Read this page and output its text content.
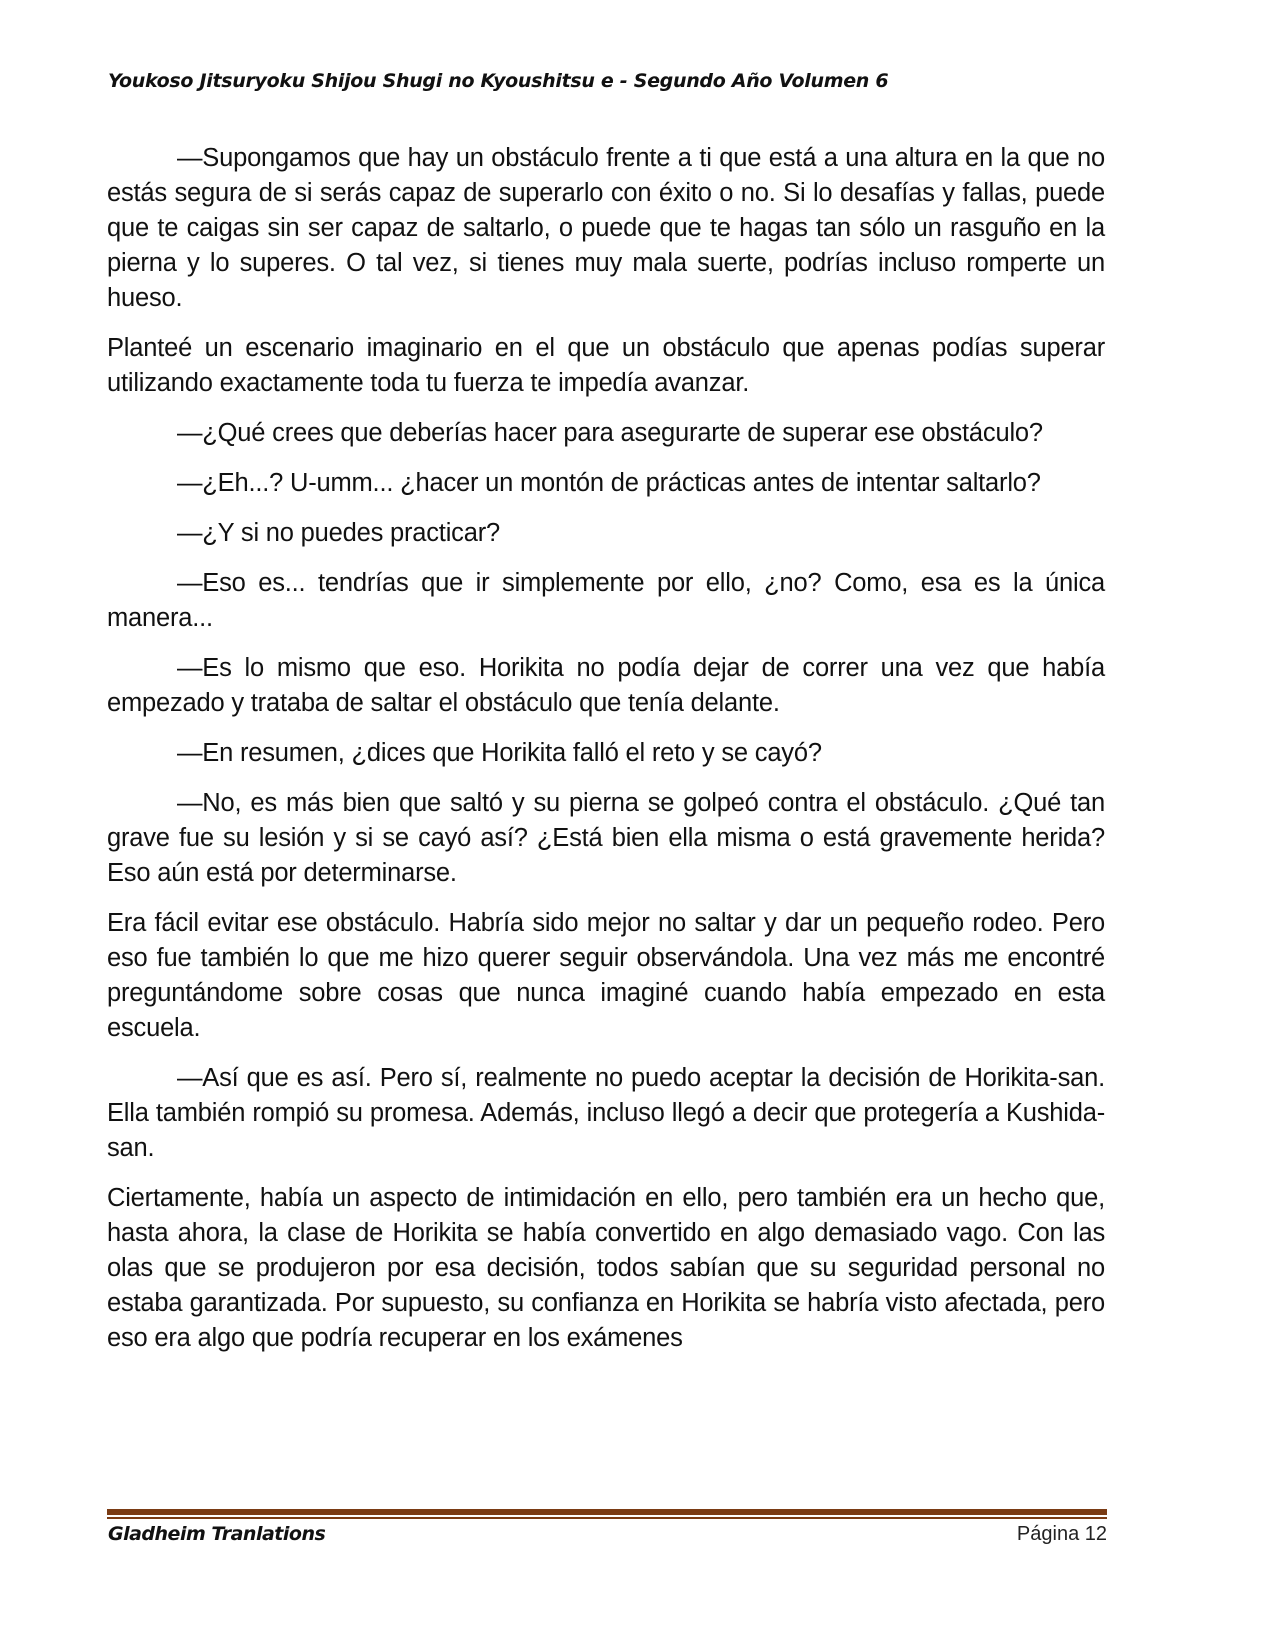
Youkoso Jitsuryoku Shijou Shugi no Kyoushitsu e - Segundo Año Volumen 6

—Supongamos que hay un obstáculo frente a ti que está a una altura en la que no estás segura de si serás capaz de superarlo con éxito o no. Si lo desafías y fallas, puede que te caigas sin ser capaz de saltarlo, o puede que te hagas tan sólo un rasguño en la pierna y lo superes. O tal vez, si tienes muy mala suerte, podrías incluso romperte un hueso.

Planteé un escenario imaginario en el que un obstáculo que apenas podías superar utilizando exactamente toda tu fuerza te impedía avanzar.

—¿Qué crees que deberías hacer para asegurarte de superar ese obstáculo?

—¿Eh...? U-umm... ¿hacer un montón de prácticas antes de intentar saltarlo?

—¿Y si no puedes practicar?

—Eso es... tendrías que ir simplemente por ello, ¿no? Como, esa es la única manera...

—Es lo mismo que eso. Horikita no podía dejar de correr una vez que había empezado y trataba de saltar el obstáculo que tenía delante.

—En resumen, ¿dices que Horikita falló el reto y se cayó?

—No, es más bien que saltó y su pierna se golpeó contra el obstáculo. ¿Qué tan grave fue su lesión y si se cayó así? ¿Está bien ella misma o está gravemente herida? Eso aún está por determinarse.

Era fácil evitar ese obstáculo. Habría sido mejor no saltar y dar un pequeño rodeo. Pero eso fue también lo que me hizo querer seguir observándola. Una vez más me encontré preguntándome sobre cosas que nunca imaginé cuando había empezado en esta escuela.

—Así que es así. Pero sí, realmente no puedo aceptar la decisión de Horikita-san. Ella también rompió su promesa. Además, incluso llegó a decir que protegería a Kushida-san.

Ciertamente, había un aspecto de intimidación en ello, pero también era un hecho que, hasta ahora, la clase de Horikita se había convertido en algo demasiado vago. Con las olas que se produjeron por esa decisión, todos sabían que su seguridad personal no estaba garantizada. Por supuesto, su confianza en Horikita se habría visto afectada, pero eso era algo que podría recuperar en los exámenes

Gladheim Tranlations	Página 12
